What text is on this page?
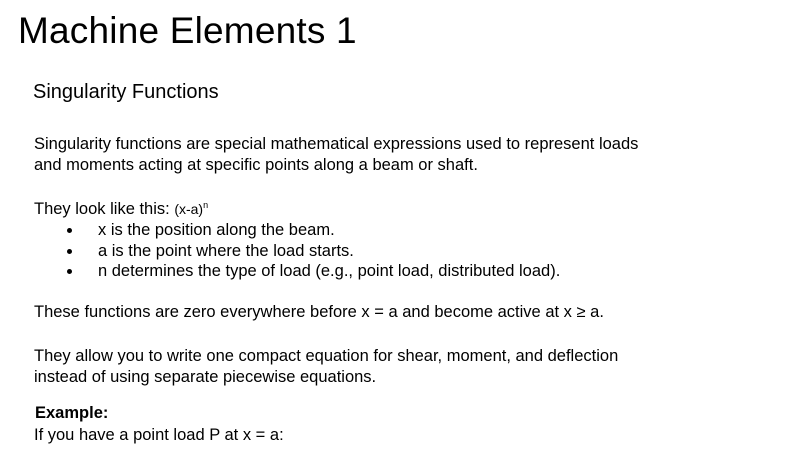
Machine Elements 1
Singularity Functions
Singularity functions are special mathematical expressions used to represent loads
and moments acting at specific points along a beam or shaft.
They look like this: $(x-a)^n$
x is the position along the beam.
a is the point where the load starts.
n determines the type of load (e.g., point load, distributed load).
These functions are zero everywhere before x = a and become active at x ≥ a.
They allow you to write one compact equation for shear, moment, and deflection
instead of using separate piecewise equations.
Example:
If you have a point load P at x = a:
